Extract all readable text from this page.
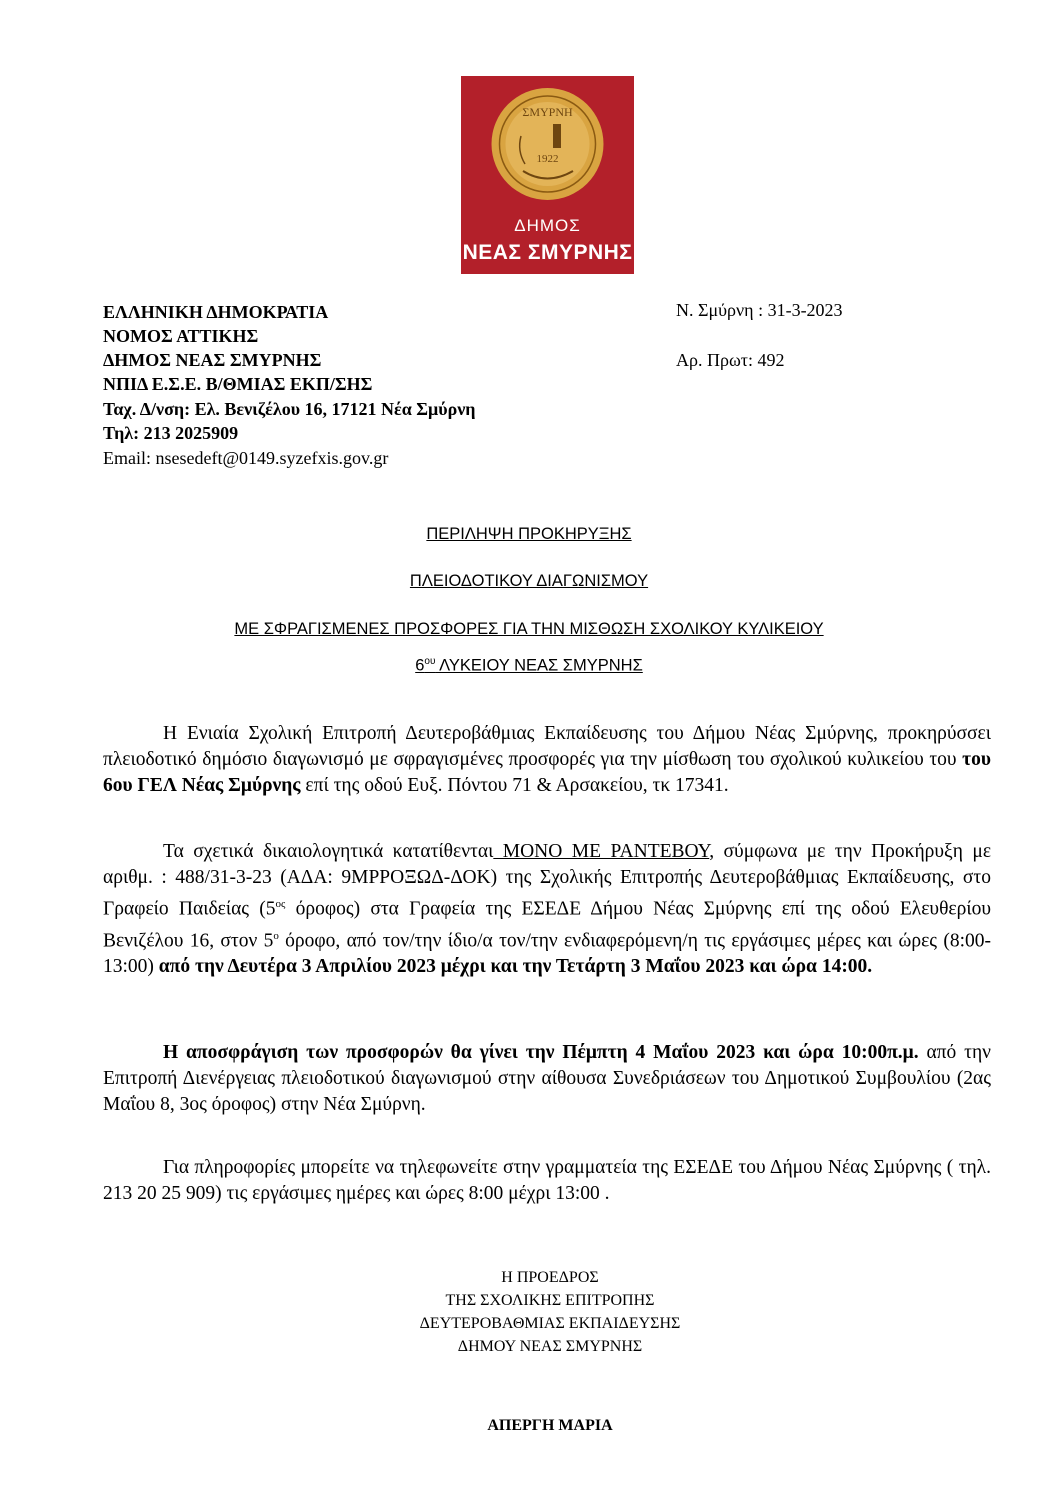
ΣΜΥΡΝΗ
1922
ΔΗΜΟΣ
ΝΕΑΣ ΣΜΥΡΝΗΣ
ΕΛΛΗΝΙΚΗ ΔΗΜΟΚΡΑΤΙΑ
ΝΟΜΟΣ ΑΤΤΙΚΗΣ
ΔΗΜΟΣ ΝΕΑΣ ΣΜΥΡΝΗΣ
ΝΠΙΔ Ε.Σ.Ε. Β/ΘΜΙΑΣ ΕΚΠ/ΣΗΣ
Ταχ. Δ/νση: Ελ. Βενιζέλου 16, 17121 Νέα Σμύρνη
Τηλ: 213 2025909
Email: nsesedeft@0149.syzefxis.gov.gr
Ν. Σμύρνη : 31-3-2023
Αρ. Πρωτ: 492
ΠΕΡΙΛΗΨΗ ΠΡΟΚΗΡΥΞΗΣ
ΠΛΕΙΟΔΟΤΙΚΟΥ ΔΙΑΓΩΝΙΣΜΟΥ
ΜΕ ΣΦΡΑΓΙΣΜΕΝΕΣ ΠΡΟΣΦΟΡΕΣ ΓΙΑ ΤΗΝ ΜΙΣΘΩΣΗ ΣΧΟΛΙΚΟΥ ΚΥΛΙΚΕΙΟΥ
$6^{o\upsilon}$ ΛΥΚΕΙΟΥ ΝΕΑΣ ΣΜΥΡΝΗΣ
Η Ενιαία Σχολική Επιτροπή Δευτεροβάθμιας Εκπαίδευσης του Δήμου Νέας Σμύρνης, προκηρύσσει πλειοδοτικό δημόσιο διαγωνισμό με σφραγισμένες προσφορές για την μίσθωση του σχολικού κυλικείου του του 6ου ΓΕΛ Νέας Σμύρνης επί της οδού Ευξ. Πόντου 71 & Αρσακείου, τκ 17341.
Τα σχετικά δικαιολογητικά κατατίθενται ΜΟΝΟ ΜΕ ΡΑΝΤΕΒΟΥ, σύμφωνα με την Προκήρυξη με αριθμ. : 488/31-3-23 (ΑΔΑ: 9ΜΡΡΟΞΩΔ-ΔΟΚ) της Σχολικής Επιτροπής Δευτεροβάθμιας Εκπαίδευσης, στο Γραφείο Παιδείας ($5^{o\varsigma}$ όροφος) στα Γραφεία της ΕΣΕΔΕ Δήμου Νέας Σμύρνης επί της οδού Ελευθερίου Βενιζέλου 16, στον $5^o$ όροφο, από τον/την ίδιο/α τον/την ενδιαφερόμενη/η τις εργάσιμες μέρες και ώρες (8:00-13:00) από την Δευτέρα 3 Απριλίου 2023 μέχρι και την Τετάρτη 3 Μαΐου 2023 και ώρα 14:00.
Η αποσφράγιση των προσφορών θα γίνει την Πέμπτη 4 Μαΐου 2023 και ώρα 10:00π.μ. από την Επιτροπή Διενέργειας πλειοδοτικού διαγωνισμού στην αίθουσα Συνεδριάσεων του Δημοτικού Συμβουλίου (2ας Μαΐου 8, 3ος όροφος) στην Νέα Σμύρνη.
Για πληροφορίες μπορείτε να τηλεφωνείτε στην γραμματεία της ΕΣΕΔΕ του Δήμου Νέας Σμύρνης ( τηλ. 213 20 25 909) τις εργάσιμες ημέρες και ώρες 8:00 μέχρι 13:00 .
Η ΠΡΟΕΔΡΟΣ
ΤΗΣ ΣΧΟΛΙΚΗΣ ΕΠΙΤΡΟΠΗΣ
ΔΕΥΤΕΡΟΒΑΘΜΙΑΣ ΕΚΠΑΙΔΕΥΣΗΣ
ΔΗΜΟΥ ΝΕΑΣ ΣΜΥΡΝΗΣ
ΑΠΕΡΓΗ ΜΑΡΙΑ
